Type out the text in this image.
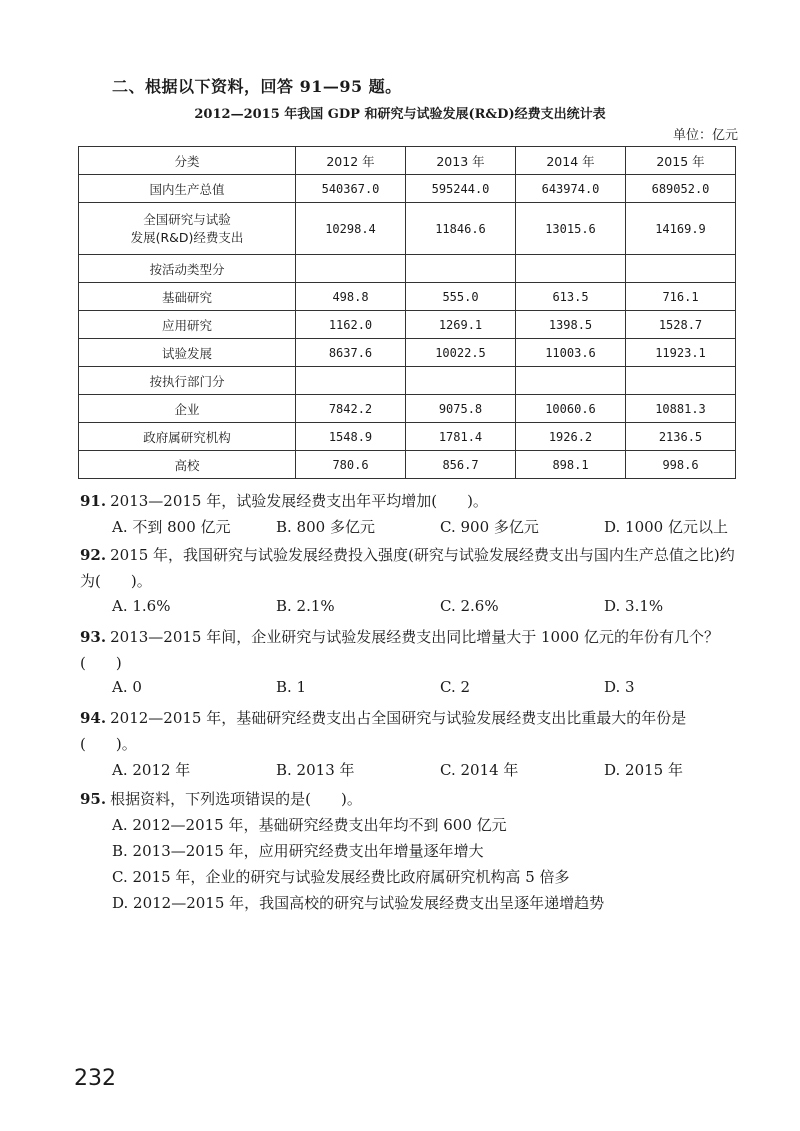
二、根据以下资料，回答 91—95 题。
2012—2015 年我国 GDP 和研究与试验发展(R&D)经费支出统计表
单位：亿元
分类	2012 年	2013 年	2014 年	2015 年
国内生产总值	540367.0	595244.0	643974.0	689052.0
全国研究与试验
发展(R&D)经费支出	10298.4	11846.6	13015.6	14169.9
按活动类型分				
基础研究	498.8	555.0	613.5	716.1
应用研究	1162.0	1269.1	1398.5	1528.7
试验发展	8637.6	10022.5	11003.6	11923.1
按执行部门分				
企业	7842.2	9075.8	10060.6	10881.3
政府属研究机构	1548.9	1781.4	1926.2	2136.5
高校	780.6	856.7	898.1	998.6
91. 2013—2015 年，试验发展经费支出年平均增加(　　)。
A. 不到 800 亿元	B. 800 多亿元	C. 900 多亿元	D. 1000 亿元以上
92. 2015 年，我国研究与试验发展经费投入强度(研究与试验发展经费支出与国内生产总值之比)约为(　　)。
A. 1.6%	B. 2.1%	C. 2.6%	D. 3.1%
93. 2013—2015 年间，企业研究与试验发展经费支出同比增量大于 1000 亿元的年份有几个？(　　)
A. 0	B. 1	C. 2	D. 3
94. 2012—2015 年，基础研究经费支出占全国研究与试验发展经费支出比重最大的年份是(　　)。
A. 2012 年	B. 2013 年	C. 2014 年	D. 2015 年
95. 根据资料，下列选项错误的是(　　)。
A. 2012—2015 年，基础研究经费支出年均不到 600 亿元
B. 2013—2015 年，应用研究经费支出年增量逐年增大
C. 2015 年，企业的研究与试验发展经费比政府属研究机构高 5 倍多
D. 2012—2015 年，我国高校的研究与试验发展经费支出呈逐年递增趋势
232
